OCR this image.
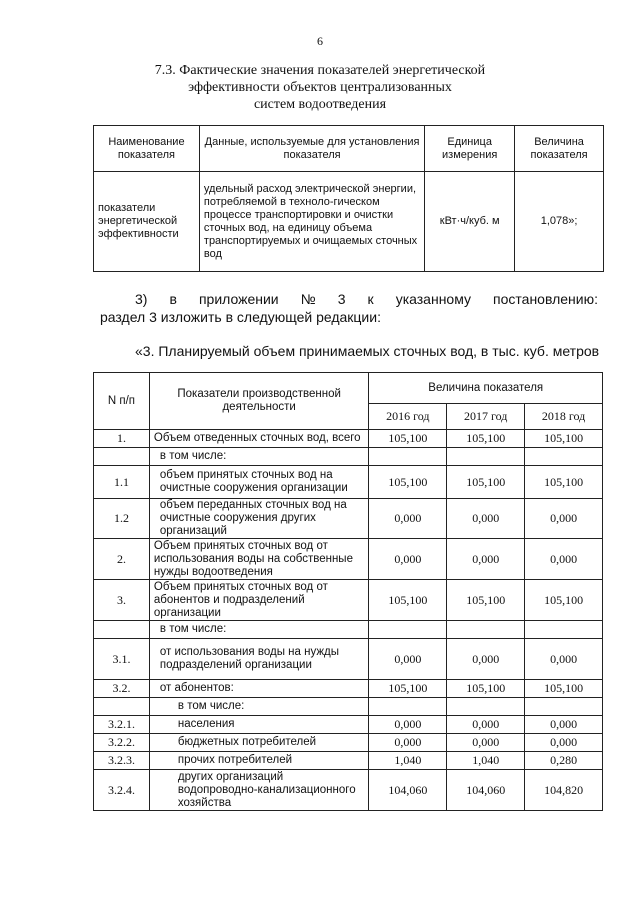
6
7.3. Фактические значения показателей энергетической
эффективности объектов централизованных
систем водоотведения
Наименование показателя	Данные, используемые для установления показателя	Единица измерения	Величина показателя
показатели энергетической эффективности	удельный расход электрической энергии, потребляемой в техноло-гическом процессе транспортировки и очистки сточных вод, на единицу объема транспортируемых и очищаемых сточных вод	кВт·ч/куб. м	1,078»;
3) в приложении № 3 к указанному постановлению:
раздел 3 изложить в следующей редакции:
«3. Планируемый объем принимаемых сточных вод, в тыс. куб. метров
N п/п	Показатели производственной деятельности	Величина показателя		
		2016 год	2017 год	2018 год
1.	Объем отведенных сточных вод, всего	105,100	105,100	105,100
	в том числе:			
1.1	объем принятых сточных вод на очистные сооружения организации	105,100	105,100	105,100
1.2	объем переданных сточных вод на очистные сооружения других организаций	0,000	0,000	0,000
2.	Объем принятых сточных вод от использования воды на собственные нужды водоотведения	0,000	0,000	0,000
3.	Объем принятых сточных вод от абонентов и подразделений организации	105,100	105,100	105,100
	в том числе:			
3.1.	от использования воды на нужды подразделений организации	0,000	0,000	0,000
3.2.	от абонентов:	105,100	105,100	105,100
	в том числе:			
3.2.1.	населения	0,000	0,000	0,000
3.2.2.	бюджетных потребителей	0,000	0,000	0,000
3.2.3.	прочих потребителей	1,040	1,040	0,280
3.2.4.	других организаций водопроводно-канализационного хозяйства	104,060	104,060	104,820
